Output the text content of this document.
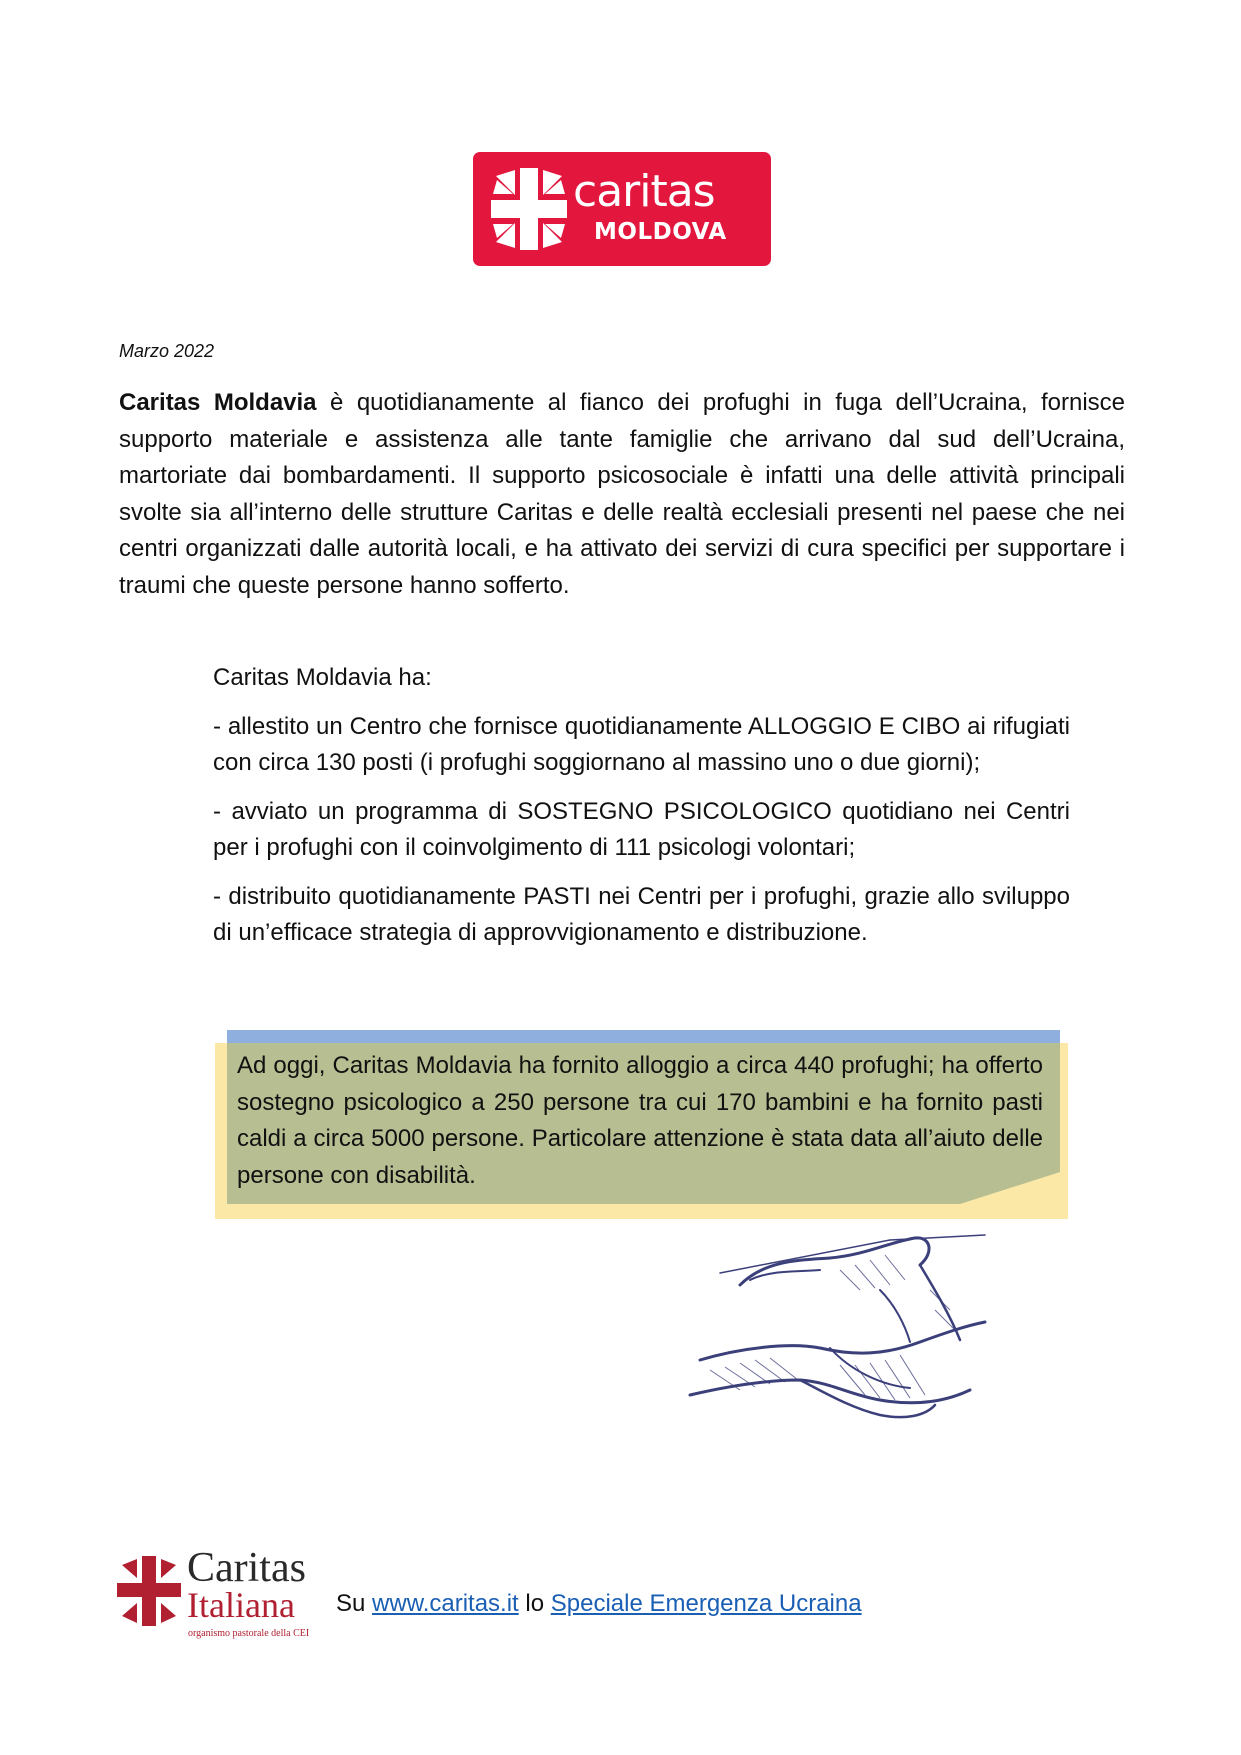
caritas
MOLDOVA
Marzo 2022
Caritas Moldavia è quotidianamente al fianco dei profughi in fuga dell’Ucraina, fornisce supporto materiale e assistenza alle tante famiglie che arrivano dal sud dell’Ucraina, martoriate dai bombardamenti. Il supporto psicosociale è infatti una delle attività principali svolte sia all’interno delle strutture Caritas e delle realtà ecclesiali presenti nel paese che nei centri organizzati dalle autorità locali, e ha attivato dei servizi di cura specifici per supportare i traumi che queste persone hanno sofferto.

Caritas Moldavia ha:

- allestito un Centro che fornisce quotidianamente ALLOGGIO E CIBO ai rifugiati con circa 130 posti (i profughi soggiornano al massino uno o due giorni);

- avviato un programma di SOSTEGNO PSICOLOGICO quotidiano nei Centri per i profughi con il coinvolgimento di 111 psicologi volontari;

- distribuito quotidianamente PASTI nei Centri per i profughi, grazie allo sviluppo di un’efficace strategia di approvvigionamento e distribuzione.

Ad oggi, Caritas Moldavia ha fornito alloggio a circa 440 profughi; ha offerto sostegno psicologico a 250 persone tra cui 170 bambini e ha fornito pasti caldi a circa 5000 persone. Particolare attenzione è stata data all’aiuto delle persone con disabilità.
Caritas
Italiana
organismo pastorale della CEI
Su www.caritas.it lo Speciale Emergenza Ucraina
